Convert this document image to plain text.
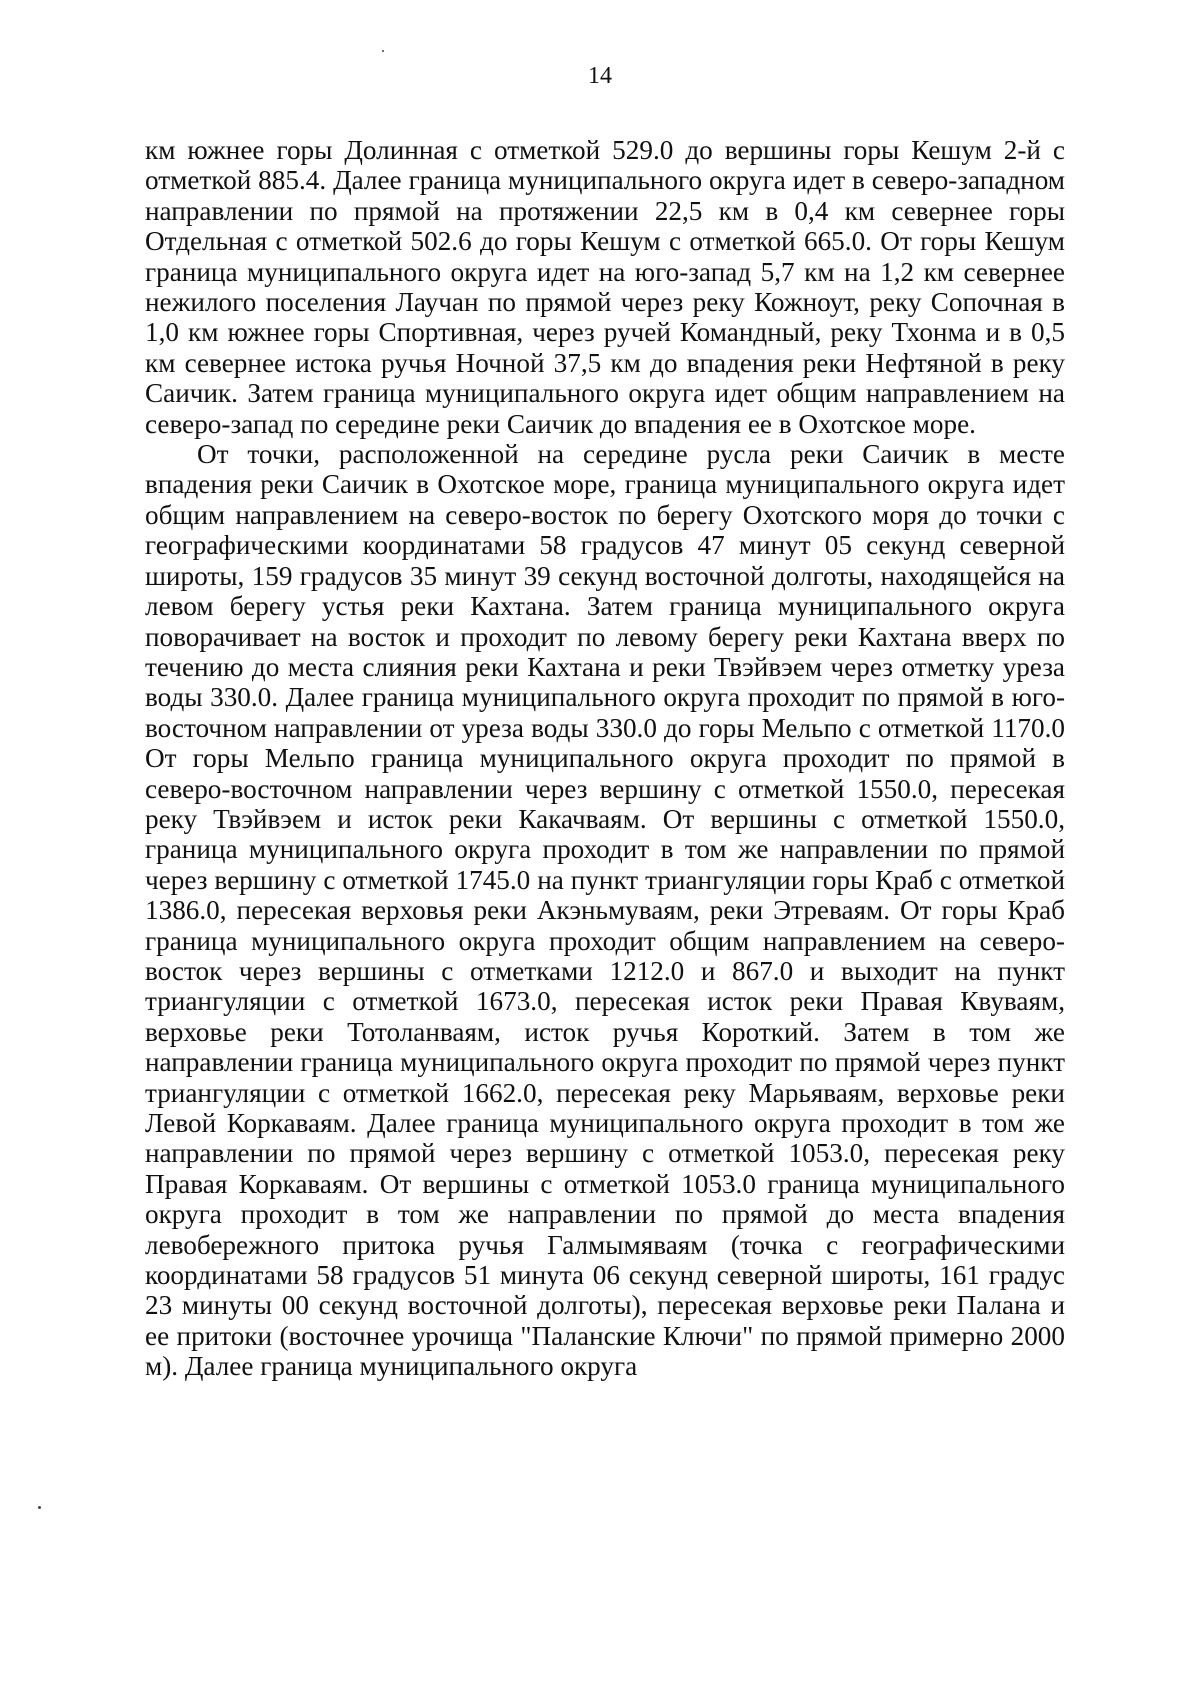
14

км южнее горы Долинная с отметкой 529.0 до вершины горы Кешум 2-й с отметкой 885.4. Далее граница муниципального округа идет в северо-западном направлении по прямой на протяжении 22,5 км в 0,4 км севернее горы Отдельная с отметкой 502.6 до горы Кешум с отметкой 665.0. От горы Кешум граница муниципального округа идет на юго-запад 5,7 км на 1,2 км севернее нежилого поселения Лаучан по прямой через реку Кожноут, реку Сопочная в 1,0 км южнее горы Спортивная, через ручей Командный, реку Тхонма и в 0,5 км севернее истока ручья Ночной 37,5 км до впадения реки Нефтяной в реку Саичик. Затем граница муниципального округа идет общим направлением на северо-запад по середине реки Саичик до впадения ее в Охотское море.

От точки, расположенной на середине русла реки Саичик в месте впадения реки Саичик в Охотское море, граница муниципального округа идет общим направлением на северо-восток по берегу Охотского моря до точки с географическими координатами 58 градусов 47 минут 05 секунд северной широты, 159 градусов 35 минут 39 секунд восточной долготы, находящейся на левом берегу устья реки Кахтана. Затем граница муниципального округа поворачивает на восток и проходит по левому берегу реки Кахтана вверх по течению до места слияния реки Кахтана и реки Твэйвэем через отметку уреза воды 330.0. Далее граница муниципального округа проходит по прямой в юго-восточном направлении от уреза воды 330.0 до горы Мельпо с отметкой 1170.0 От горы Мельпо граница муниципального округа проходит по прямой в северо-восточном направлении через вершину с отметкой 1550.0, пересекая реку Твэйвэем и исток реки Какачваям. От вершины с отметкой 1550.0, граница муниципального округа проходит в том же направлении по прямой через вершину с отметкой 1745.0 на пункт триангуляции горы Краб с отметкой 1386.0, пересекая верховья реки Акэньмуваям, реки Этреваям. От горы Краб граница муниципального округа проходит общим направлением на северо-восток через вершины с отметками 1212.0 и 867.0 и выходит на пункт триангуляции с отметкой 1673.0, пересекая исток реки Правая Квуваям, верховье реки Тотоланваям, исток ручья Короткий. Затем в том же направлении граница муниципального округа проходит по прямой через пункт триангуляции с отметкой 1662.0, пересекая реку Марьяваям, верховье реки Левой Коркаваям. Далее граница муниципального округа проходит в том же направлении по прямой через вершину с отметкой 1053.0, пересекая реку Правая Коркаваям. От вершины с отметкой 1053.0 граница муниципального округа проходит в том же направлении по прямой до места впадения левобережного притока ручья Галмымяваям (точка с географическими координатами 58 градусов 51 минута 06 секунд северной широты, 161 градус 23 минуты 00 секунд восточной долготы), пересекая верховье реки Палана и ее притоки (восточнее урочища "Паланские Ключи" по прямой примерно 2000 м). Далее граница муниципального округа
